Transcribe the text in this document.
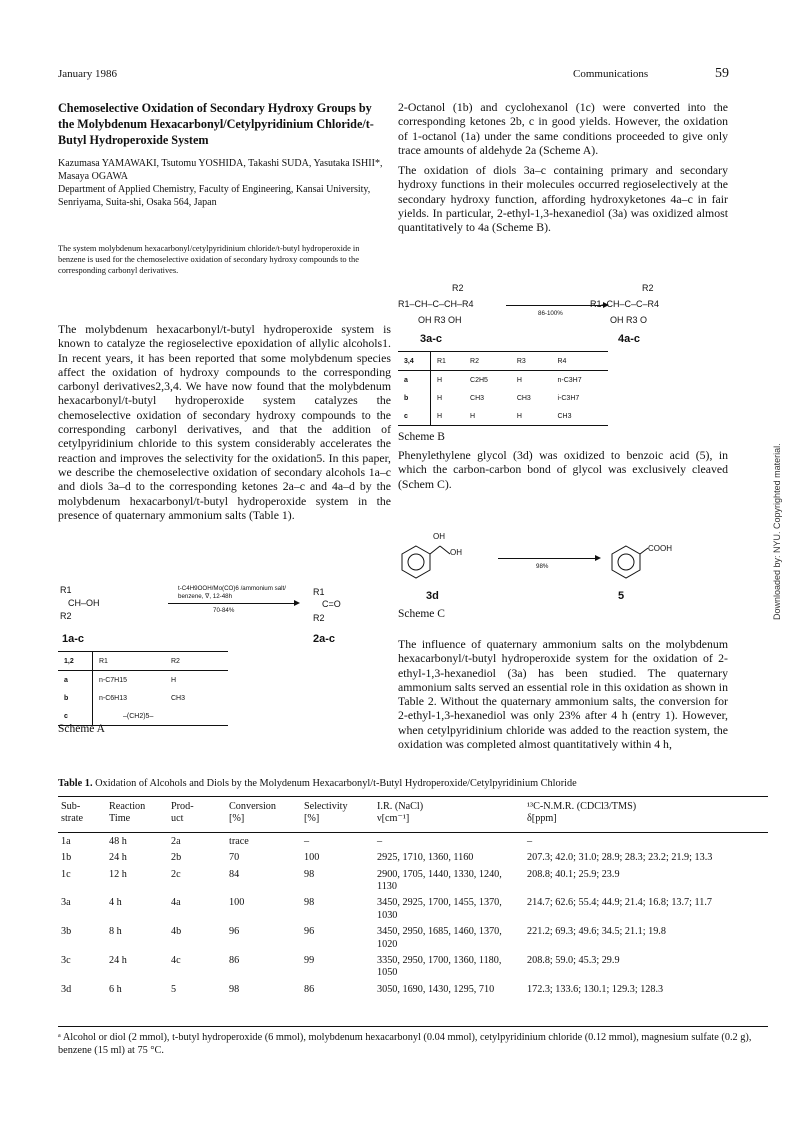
January 1986	Communications	59
Chemoselective Oxidation of Secondary Hydroxy Groups by the Molybdenum Hexacarbonyl/Cetylpyridinium Chloride/t-Butyl Hydroperoxide System
Kazumasa YAMAWAKI, Tsutomu YOSHIDA, Takashi SUDA, Yasutaka ISHII*, Masaya OGAWA
Department of Applied Chemistry, Faculty of Engineering, Kansai University, Senriyama, Suita-shi, Osaka 564, Japan
The system molybdenum hexacarbonyl/cetylpyridinium chloride/t-butyl hydroperoxide in benzene is used for the chemoselective oxidation of secondary hydroxy compounds to the corresponding carbonyl derivatives.

The molybdenum hexacarbonyl/t-butyl hydroperoxide system is known to catalyze the regioselective epoxidation of allylic alcohols1. In recent years, it has been reported that some molybdenum species affect the oxidation of hydroxy compounds to the corresponding carbonyl derivatives2,3,4. We have now found that the molybdenum hexacarbonyl/t-butyl hydroperoxide system catalyzes the chemoselective oxidation of secondary hydroxy compounds to the corresponding carbonyl derivatives, and that the addition of cetylpyridinium chloride to this system considerably accelerates the reaction and improves the selectivity for the oxidation5. In this paper, we describe the chemoselective oxidation of secondary alcohols 1a–c and diols 3a–d to the corresponding ketones 2a–c and 4a–d by the molybdenum hexacarbonyl/t-butyl hydroperoxide system in the presence of quaternary ammonium salts (Table 1).

R1
CH–OH
R2
t-C4H9OOH/Mo(CO)6 /ammonium salt/
benzene, ∇, 12-48h
70-84%
R1
C=O
R2
1a-c	2a-c
1,2	R1	R2
a	n-C7H15	H
b	n-C6H13	CH3
c	–(CH2)5–	
Scheme A

2-Octanol (1b) and cyclohexanol (1c) were converted into the corresponding ketones 2b, c in good yields. However, the oxidation of 1-octanol (1a) under the same conditions proceeded to give only trace amounts of aldehyde 2a (Scheme A).

The oxidation of diols 3a–c containing primary and secondary hydroxy functions in their molecules occurred regioselectively at the secondary hydroxy function, affording hydroxyketones 4a–c in fair yields. In particular, 2-ethyl-1,3-hexanediol (3a) was oxidized almost quantitatively to 4a (Scheme B).

R2
R1–CH–C–CH–R4
OH R3 OH
86-100%
R2
R1–CH–C–C–R4
OH R3 O
3a-c	4a-c
3,4	R1	R2	R3	R4
a	H	C2H5	H	n-C3H7
b	H	CH3	CH3	i-C3H7
c	H	H	H	CH3
Scheme B

Phenylethylene glycol (3d) was oxidized to benzoic acid (5), in which the carbon-carbon bond of glycol was exclusively cleaved (Schem C).

OH
OH
98%
COOH
3d	5
Scheme C

The influence of quaternary ammonium salts on the molybdenum hexacarbonyl/t-butyl hydroperoxide system for the oxidation of 2-ethyl-1,3-hexanediol (3a) has been studied. The quaternary ammonium salts served an essential role in this oxidation as shown in Table 2. Without the quaternary ammonium salts, the conversion for 2-ethyl-1,3-hexanediol was only 23% after 4 h (entry 1). However, when cetylpyridinium chloride was added to the reaction system, the oxidation was completed almost quantitatively within 4 h,

Downloaded by: NYU. Copyrighted material.
Table 1. Oxidation of Alcohols and Diols by the Molydenum Hexacarbonyl/t-Butyl Hydroperoxide/Cetylpyridinium Chloride
Sub-
strate	Reaction
Time	Prod-
uct	Conversion
[%]	Selectivity
[%]	I.R. (NaCl)
ν[cm⁻¹]	¹³C-N.M.R. (CDCl3/TMS)
δ[ppm]

1a	48 h	2a	trace	–	–	–
1b	24 h	2b	70	100	2925, 1710, 1360, 1160	207.3; 42.0; 31.0; 28.9; 28.3; 23.2; 21.9; 13.3
1c	12 h	2c	84	98	2900, 1705, 1440, 1330, 1240, 1130	208.8; 40.1; 25.9; 23.9
3a	4 h	4a	100	98	3450, 2925, 1700, 1455, 1370, 1030	214.7; 62.6; 55.4; 44.9; 21.4; 16.8; 13.7; 11.7
3b	8 h	4b	96	96	3450, 2950, 1685, 1460, 1370, 1020	221.2; 69.3; 49.6; 34.5; 21.1; 19.8
3c	24 h	4c	86	99	3350, 2950, 1700, 1360, 1180, 1050	208.8; 59.0; 45.3; 29.9
3d	6 h	5	98	86	3050, 1690, 1430, 1295, 710	172.3; 133.6; 130.1; 129.3; 128.3
ᵃ Alcohol or diol (2 mmol), t-butyl hydroperoxide (6 mmol), molybdenum hexacarbonyl (0.04 mmol), cetylpyridinium chloride (0.12 mmol), magnesium sulfate (0.2 g), benzene (15 ml) at 75 °C.
